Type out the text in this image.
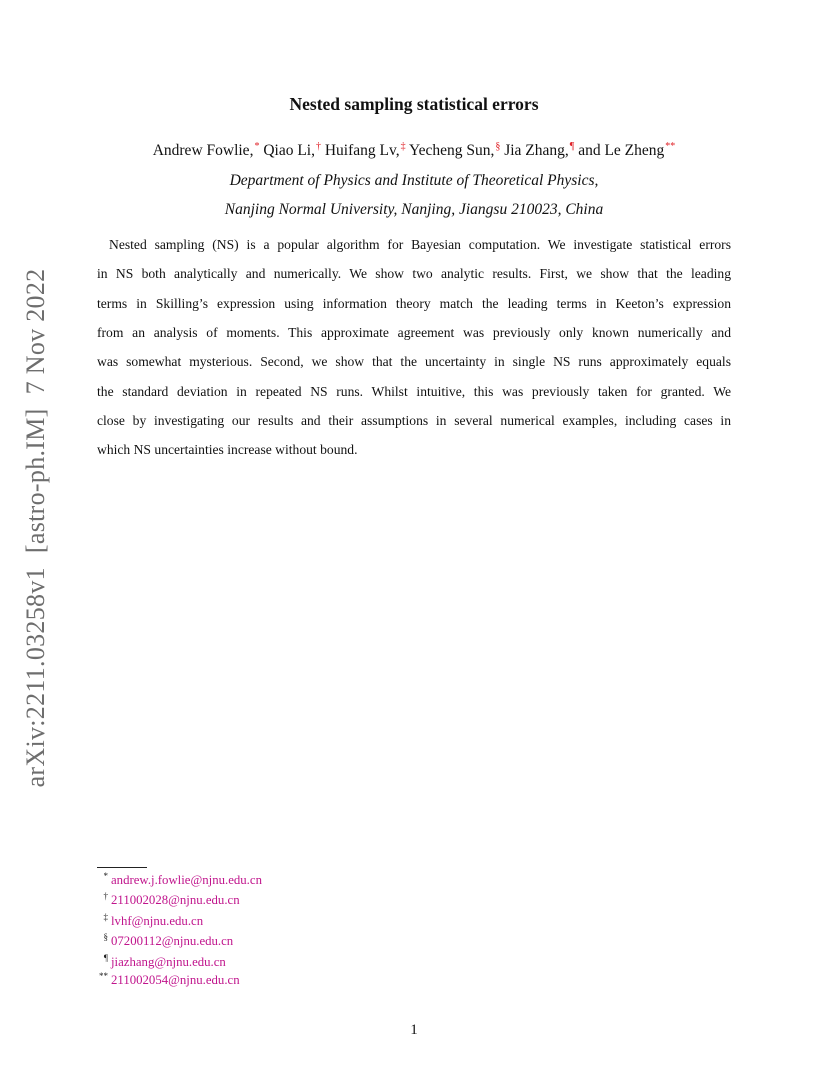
arXiv:2211.03258v1[astro-ph.IM]7 Nov 2022
Nested sampling statistical errors
Andrew Fowlie,* Qiao Li,† Huifang Lv,‡ Yecheng Sun,§ Jia Zhang,¶ and Le Zheng**
Department of Physics and Institute of Theoretical Physics,
Nanjing Normal University, Nanjing, Jiangsu 210023, China
Nested sampling (NS) is a popular algorithm for Bayesian computation. We investigate statistical errors
in NS both analytically and numerically. We show two analytic results. First, we show that the leading
terms in Skilling’s expression using information theory match the leading terms in Keeton’s expression
from an analysis of moments. This approximate agreement was previously only known numerically and
was somewhat mysterious. Second, we show that the uncertainty in single NS runs approximately equals
the standard deviation in repeated NS runs. Whilst intuitive, this was previously taken for granted. We
close by investigating our results and their assumptions in several numerical examples, including cases in
which NS uncertainties increase without bound.
* andrew.j.fowlie@njnu.edu.cn
† 211002028@njnu.edu.cn
‡ lvhf@njnu.edu.cn
§ 07200112@njnu.edu.cn
¶ jiazhang@njnu.edu.cn
** 211002054@njnu.edu.cn
1
